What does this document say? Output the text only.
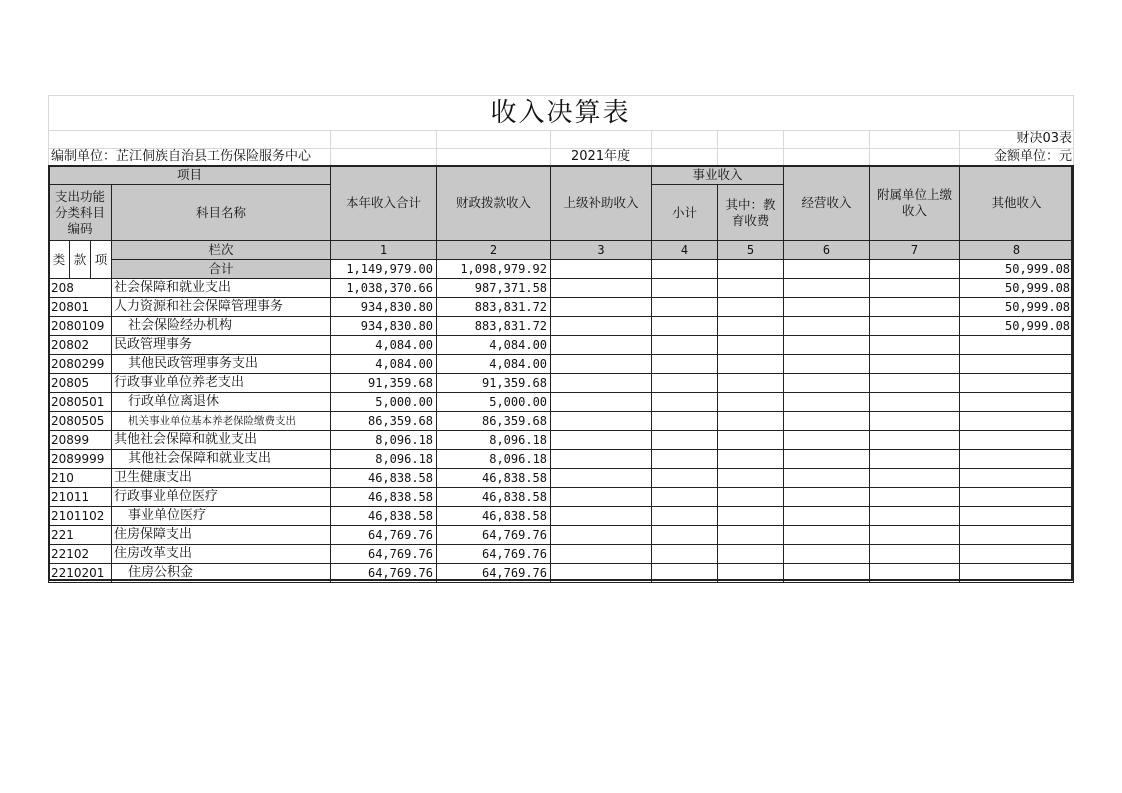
收入决算表
财决03表
编制单位：芷江侗族自治县工伤保险服务中心	2021年度	金额单位：元
项目				本年收入合计	财政拨款收入	上级补助收入	事业收入		经营收入	附属单位上缴收入	其他收入
支出功能分类科目编码			科目名称				小计	其中：教育收费			

类	款	项	栏次	1	2	3	4	5	6	7	8
			合计	1,149,979.00	1,098,979.92						50,999.08
208			社会保障和就业支出	1,038,370.66	987,371.58						50,999.08
20801			人力资源和社会保障管理事务	934,830.80	883,831.72						50,999.08
2080109			社会保险经办机构	934,830.80	883,831.72						50,999.08
20802			民政管理事务	4,084.00	4,084.00						
2080299			其他民政管理事务支出	4,084.00	4,084.00						
20805			行政事业单位养老支出	91,359.68	91,359.68						
2080501			行政单位离退休	5,000.00	5,000.00						
2080505			机关事业单位基本养老保险缴费支出	86,359.68	86,359.68						
20899			其他社会保障和就业支出	8,096.18	8,096.18						
2089999			其他社会保障和就业支出	8,096.18	8,096.18						
210			卫生健康支出	46,838.58	46,838.58						
21011			行政事业单位医疗	46,838.58	46,838.58						
2101102			事业单位医疗	46,838.58	46,838.58						
221			住房保障支出	64,769.76	64,769.76						
22102			住房改革支出	64,769.76	64,769.76						
2210201			住房公积金	64,769.76	64,769.76						
